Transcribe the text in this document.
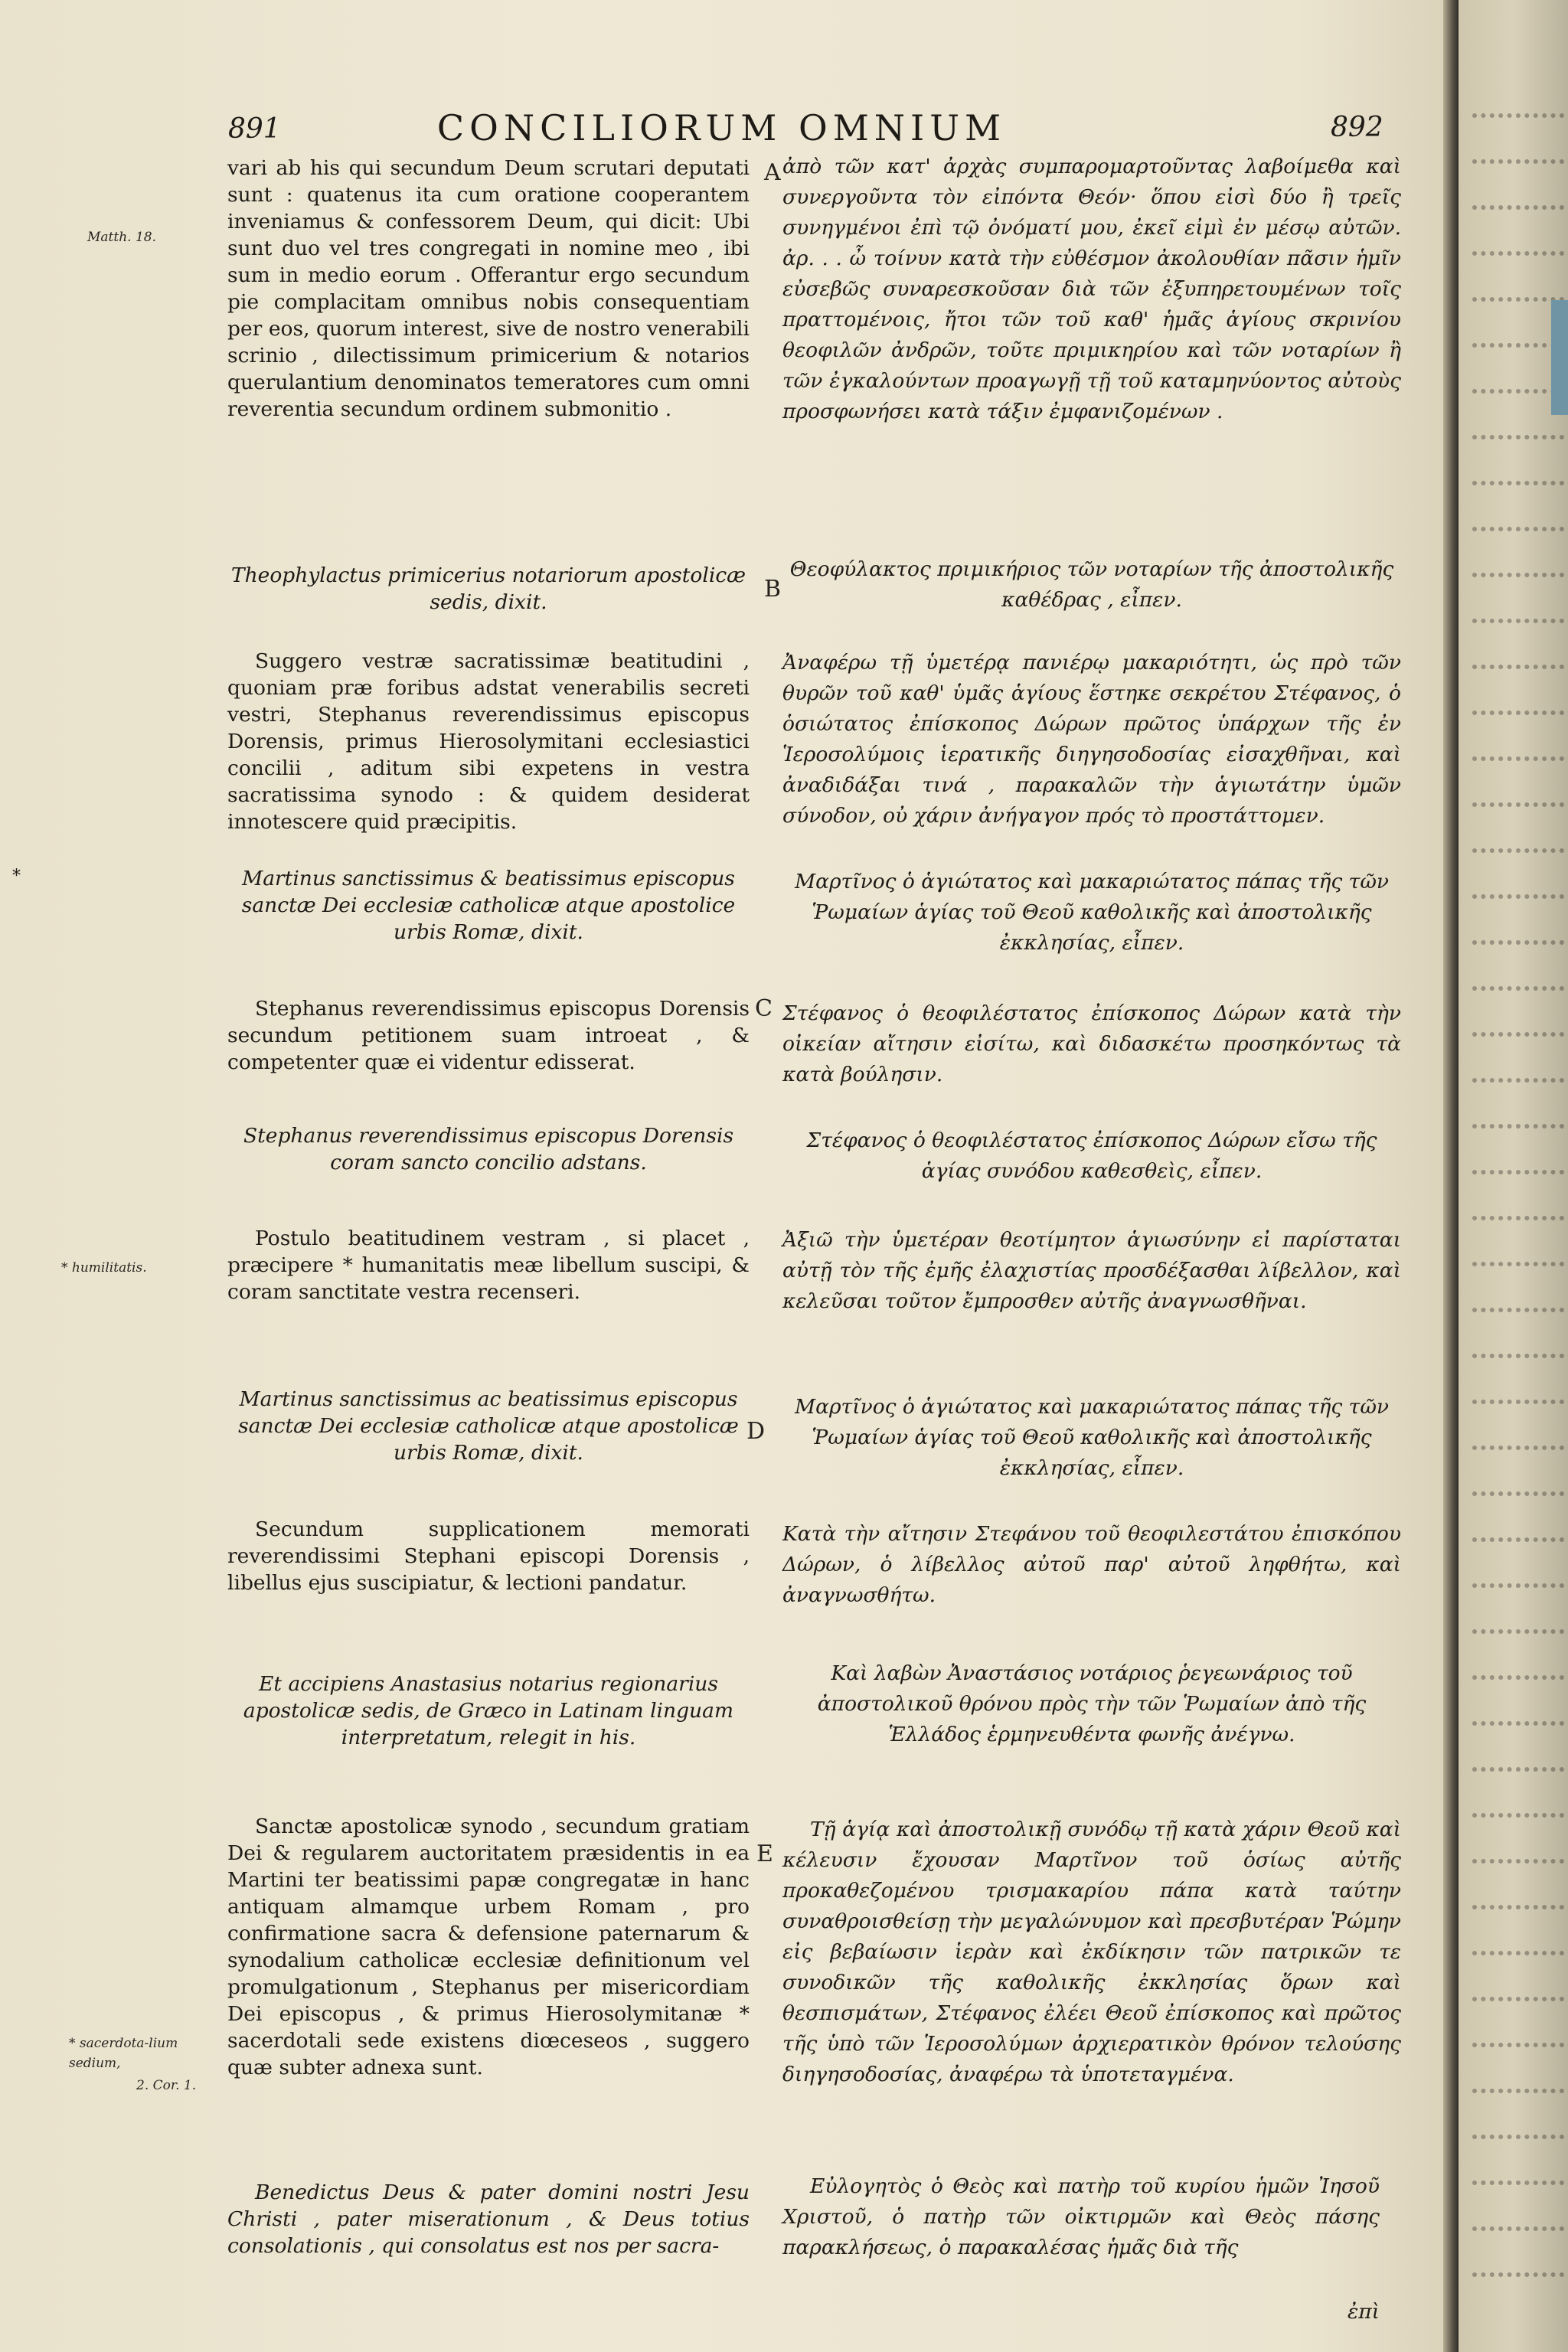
891	CONCILIORUM OMNIUM	892
A
B
C
D
E
Matth. 18.
* humilitatis.
* sacerdota-lium sedium,
2. Cor. 1.
*
vari ab his qui secundum Deum scrutari deputati sunt : quatenus ita cum oratione cooperantem inveniamus & confessorem Deum, qui dicit: Ubi sunt duo vel tres congregati in nomine meo , ibi sum in medio eorum . Offerantur ergo secundum pie complacitam omnibus nobis consequentiam per eos, quorum interest, sive de nostro venerabili scrinio , dilectissimum primicerium & notarios querulantium denominatos temeratores cum omni reverentia secundum ordinem submonitio .
ἀπὸ τῶν κατ' ἀρχὰς συμπαρομαρτοῦντας λαβοίμεθα καὶ συνεργοῦντα τὸν εἰπόντα Θεόν· ὅπου εἰσὶ δύο ἢ τρεῖς συνηγμένοι ἐπὶ τῷ ὀνόματί μου, ἐκεῖ εἰμὶ ἐν μέσῳ αὐτῶν. ἀρ. . . ὦ τοίνυν κατὰ τὴν εὐθέσμον ἀκολουθίαν πᾶσιν ἡμῖν εὐσεβῶς συναρεσκοῦσαν διὰ τῶν ἐξυπηρετουμένων τοῖς πραττομένοις, ἤτοι τῶν τοῦ καθ' ἡμᾶς ἁγίους σκρινίου θεοφιλῶν ἀνδρῶν, τοῦτε πριμικηρίου καὶ τῶν νοταρίων ἢ τῶν ἐγκαλούντων προαγωγῇ τῇ τοῦ καταμηνύοντος αὐτοὺς προσφωνήσει κατὰ τάξιν ἐμφανιζομένων .
Theophylactus primicerius notariorum apostolicæ sedis, dixit.
Θεοφύλακτος πριμικήριος τῶν νοταρίων τῆς ἀποστολικῆς καθέδρας , εἶπεν.
Suggero vestræ sacratissimæ beatitudini , quoniam præ foribus adstat venerabilis secreti vestri, Stephanus reverendissimus episcopus Dorensis, primus Hierosolymitani ecclesiastici concilii , aditum sibi expetens in vestra sacratissima synodo : & quidem desiderat innotescere quid præcipitis.
Ἀναφέρω τῇ ὑμετέρᾳ πανιέρῳ μακαριότητι, ὡς πρὸ τῶν θυρῶν τοῦ καθ' ὑμᾶς ἁγίους ἕστηκε σεκρέτου Στέφανος, ὁ ὁσιώτατος ἐπίσκοπος Δώρων πρῶτος ὑπάρχων τῆς ἐν Ἱεροσολύμοις ἱερατικῆς διηγησοδοσίας εἰσαχθῆναι, καὶ ἀναδιδάξαι τινά , παρακαλῶν τὴν ἁγιωτάτην ὑμῶν σύνοδον, οὐ χάριν ἀνήγαγον πρός τὸ προστάττομεν.
Martinus sanctissimus & beatissimus episcopus sanctæ Dei ecclesiæ catholicæ atque apostolice urbis Romæ, dixit.
Μαρτῖνος ὁ ἁγιώτατος καὶ μακαριώτατος πάπας τῆς τῶν Ῥωμαίων ἁγίας τοῦ Θεοῦ καθολικῆς καὶ ἀποστολικῆς ἐκκλησίας, εἶπεν.
Stephanus reverendissimus episcopus Dorensis secundum petitionem suam introeat , & competenter quæ ei videntur edisserat.
Στέφανος ὁ θεοφιλέστατος ἐπίσκοπος Δώρων κατὰ τὴν οἰκείαν αἴτησιν εἰσίτω, καὶ διδασκέτω προσηκόντως τὰ κατὰ βούλησιν.
Stephanus reverendissimus episcopus Dorensis coram sancto concilio adstans.
Στέφανος ὁ θεοφιλέστατος ἐπίσκοπος Δώρων εἴσω τῆς ἁγίας συνόδου καθεσθεὶς, εἶπεν.
Postulo beatitudinem vestram , si placet , præcipere * humanitatis meæ libellum suscipi, & coram sanctitate vestra recenseri.
Ἀξιῶ τὴν ὑμετέραν θεοτίμητον ἁγιωσύνην εἰ παρίσταται αὐτῇ τὸν τῆς ἐμῆς ἐλαχιστίας προσδέξασθαι λίβελλον, καὶ κελεῦσαι τοῦτον ἔμπροσθεν αὐτῆς ἀναγνωσθῆναι.
Martinus sanctissimus ac beatissimus episcopus sanctæ Dei ecclesiæ catholicæ atque apostolicæ urbis Romæ, dixit.
Μαρτῖνος ὁ ἁγιώτατος καὶ μακαριώτατος πάπας τῆς τῶν Ῥωμαίων ἁγίας τοῦ Θεοῦ καθολικῆς καὶ ἀποστολικῆς ἐκκλησίας, εἶπεν.
Secundum supplicationem memorati reverendissimi Stephani episcopi Dorensis , libellus ejus suscipiatur, & lectioni pandatur.
Κατὰ τὴν αἴτησιν Στεφάνου τοῦ θεοφιλεστάτου ἐπισκόπου Δώρων, ὁ λίβελλος αὐτοῦ παρ' αὐτοῦ ληφθήτω, καὶ ἀναγνωσθήτω.
Et accipiens Anastasius notarius regionarius apostolicæ sedis, de Græco in Latinam linguam interpretatum, relegit in his.
Καὶ λαβὼν Ἀναστάσιος νοτάριος ῥεγεωνάριος τοῦ ἀποστολικοῦ θρόνου πρὸς τὴν τῶν Ῥωμαίων ἀπὸ τῆς Ἑλλάδος ἑρμηνευθέντα φωνῆς ἀνέγνω.
Sanctæ apostolicæ synodo , secundum gratiam Dei & regularem auctoritatem præsidentis in ea Martini ter beatissimi papæ congregatæ in hanc antiquam almamque urbem Romam , pro confirmatione sacra & defensione paternarum & synodalium catholicæ ecclesiæ definitionum vel promulgationum , Stephanus per misericordiam Dei episcopus , & primus Hierosolymitanæ * sacerdotali sede existens diœceseos , suggero quæ subter adnexa sunt.
Τῇ ἁγίᾳ καὶ ἀποστολικῇ συνόδῳ τῇ κατὰ χάριν Θεοῦ καὶ κέλευσιν ἔχουσαν Μαρτῖνον τοῦ ὁσίως αὐτῆς προκαθεζομένου τρισμακαρίου πάπα κατὰ ταύτην συναθροισθείσῃ τὴν μεγαλώνυμον καὶ πρεσβυτέραν Ῥώμην εἰς βεβαίωσιν ἱερὰν καὶ ἐκδίκησιν τῶν πατρικῶν τε συνοδικῶν τῆς καθολικῆς ἐκκλησίας ὅρων καὶ θεσπισμάτων, Στέφανος ἐλέει Θεοῦ ἐπίσκοπος καὶ πρῶτος τῆς ὑπὸ τῶν Ἱεροσολύμων ἀρχιερατικὸν θρόνον τελούσης διηγησοδοσίας, ἀναφέρω τὰ ὑποτεταγμένα.
Benedictus Deus & pater domini nostri Jesu Christi , pater miserationum , & Deus totius consolationis , qui consolatus est nos per sacra-
Εὐλογητὸς ὁ Θεὸς καὶ πατὴρ τοῦ κυρίου ἡμῶν Ἰησοῦ Χριστοῦ, ὁ πατὴρ τῶν οἰκτιρμῶν καὶ Θεὸς πάσης παρακλήσεως, ὁ παρακαλέσας ἡμᾶς διὰ τῆς
ἐπὶ
